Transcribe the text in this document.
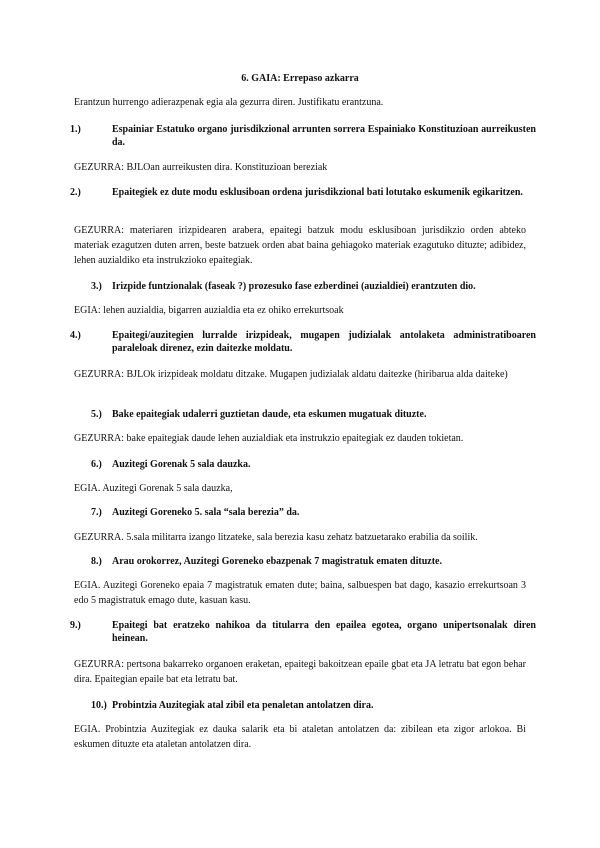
6. GAIA: Errepaso azkarra
Erantzun hurrengo adierazpenak egia ala gezurra diren. Justifikatu erantzuna.
1.)	Espainiar Estatuko organo jurisdikzional arrunten sorrera Espainiako Konstituzioan aurreikusten da.
GEZURRA: BJLOan aurreikusten dira. Konstituzioan bereziak
2.)	Epaitegiek ez dute modu esklusiboan ordena jurisdikzional bati lotutako eskumenik egikaritzen.
GEZURRA: materiaren irizpidearen arabera, epaitegi batzuk modu esklusiboan jurisdikzio orden abteko materiak ezagutzen duten arren, beste batzuek orden abat baina gehiagoko materiak ezagutuko dituzte; adibidez, lehen auzialdiko eta instrukzioko epaitegiak.
3.) Irizpide funtzionalak (faseak ?) prozesuko fase ezberdinei (auzialdiei) erantzuten dio.
EGIA: lehen auzialdia, bigarren auzialdia eta ez ohiko errekurtsoak
4.)	Epaitegi/auzitegien lurralde irizpideak, mugapen judizialak antolaketa administratiboaren paraleloak direnez, ezin daitezke moldatu.
GEZURRA: BJLOk irizpideak moldatu ditzake. Mugapen judizialak aldatu daitezke (hiribarua alda daiteke)
5.) Bake epaitegiak udalerri guztietan daude, eta eskumen mugatuak dituzte.
GEZURRA: bake epaitegiak daude lehen auzialdiak eta instrukzio epaitegiak ez dauden tokietan.
6.) Auzitegi Gorenak 5 sala dauzka.
EGIA. Auzitegi Gorenak 5 sala dauzka,
7.) Auzitegi Goreneko 5. sala “sala berezia” da.
GEZURRA. 5.sala militarra izango litzateke, sala berezia kasu zehatz batzuetarako erabilia da soilik.
8.) Arau orokorrez, Auzitegi Goreneko ebazpenak 7 magistratuk ematen dituzte.
EGIA. Auzitegi Goreneko epaia 7 magistratuk ematen dute; baina, salbuespen bat dago, kasazio errekurtsoan 3 edo 5 magistratuk emago dute, kasuan kasu.
9.)	Epaitegi bat eratzeko nahikoa da titularra den epailea egotea, organo unipertsonalak diren heinean.
GEZURRA: pertsona bakarreko organoen eraketan, epaitegi bakoitzean epaile gbat eta JA letratu bat egon behar dira. Epaitegian epaile bat eta letratu bat.
10.) Probintzia Auzitegiak atal zibil eta penaletan antolatzen dira.
EGIA. Probintzia Auzitegiak ez dauka salarik eta bi ataletan antolatzen da: zibilean eta zigor arlokoa. Bi eskumen dituzte eta ataletan antolatzen dira.
